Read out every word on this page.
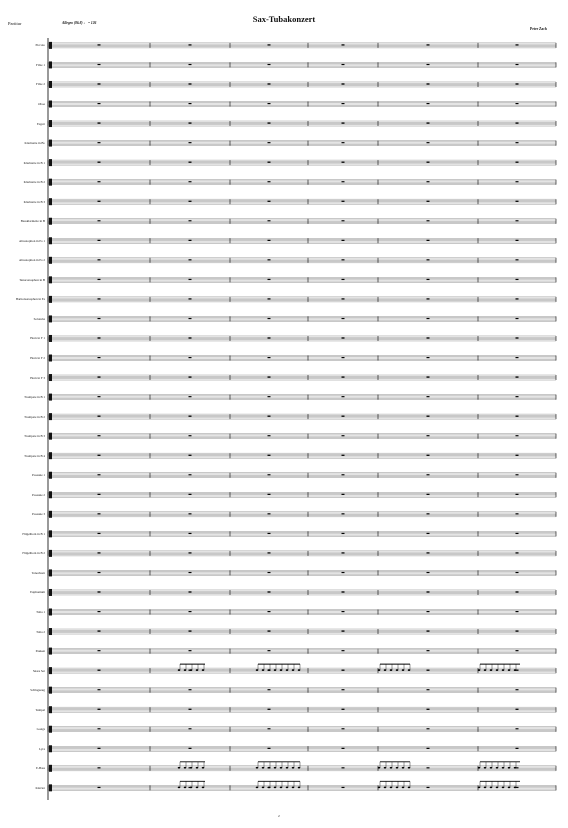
Sax-Tubakonzert
Partitur	Allegro (86.8) ♩ = 126
Peter Zach
Piccolo
Flöte 1
Flöte 2
Oboe
Fagott
Klarinette in B♭
Klarinette in B 1
Klarinette in B 2
Klarinette in B 3
Bassklarinette in B
Altsaxophon in Es 1
Altsaxophon in Es 2
Tenorsaxophon in B
Baritonsaxophon in Es
Solotuba
Horn in F 1
Horn in F 2
Horn in F 3
Trompete in B 1
Trompete in B 2
Trompete in B 3
Trompete in B 4
Posaune 1
Posaune 2
Posaune 3
Flügelhorn in B 1
Flügelhorn in B 2
Tenorhorn
Euphonium
Tuba 1
Tuba 2
Pauken
Snare Set
Schlagzeug
Tempel
Gongs
Lyra
E-Bass
Klavier
2
